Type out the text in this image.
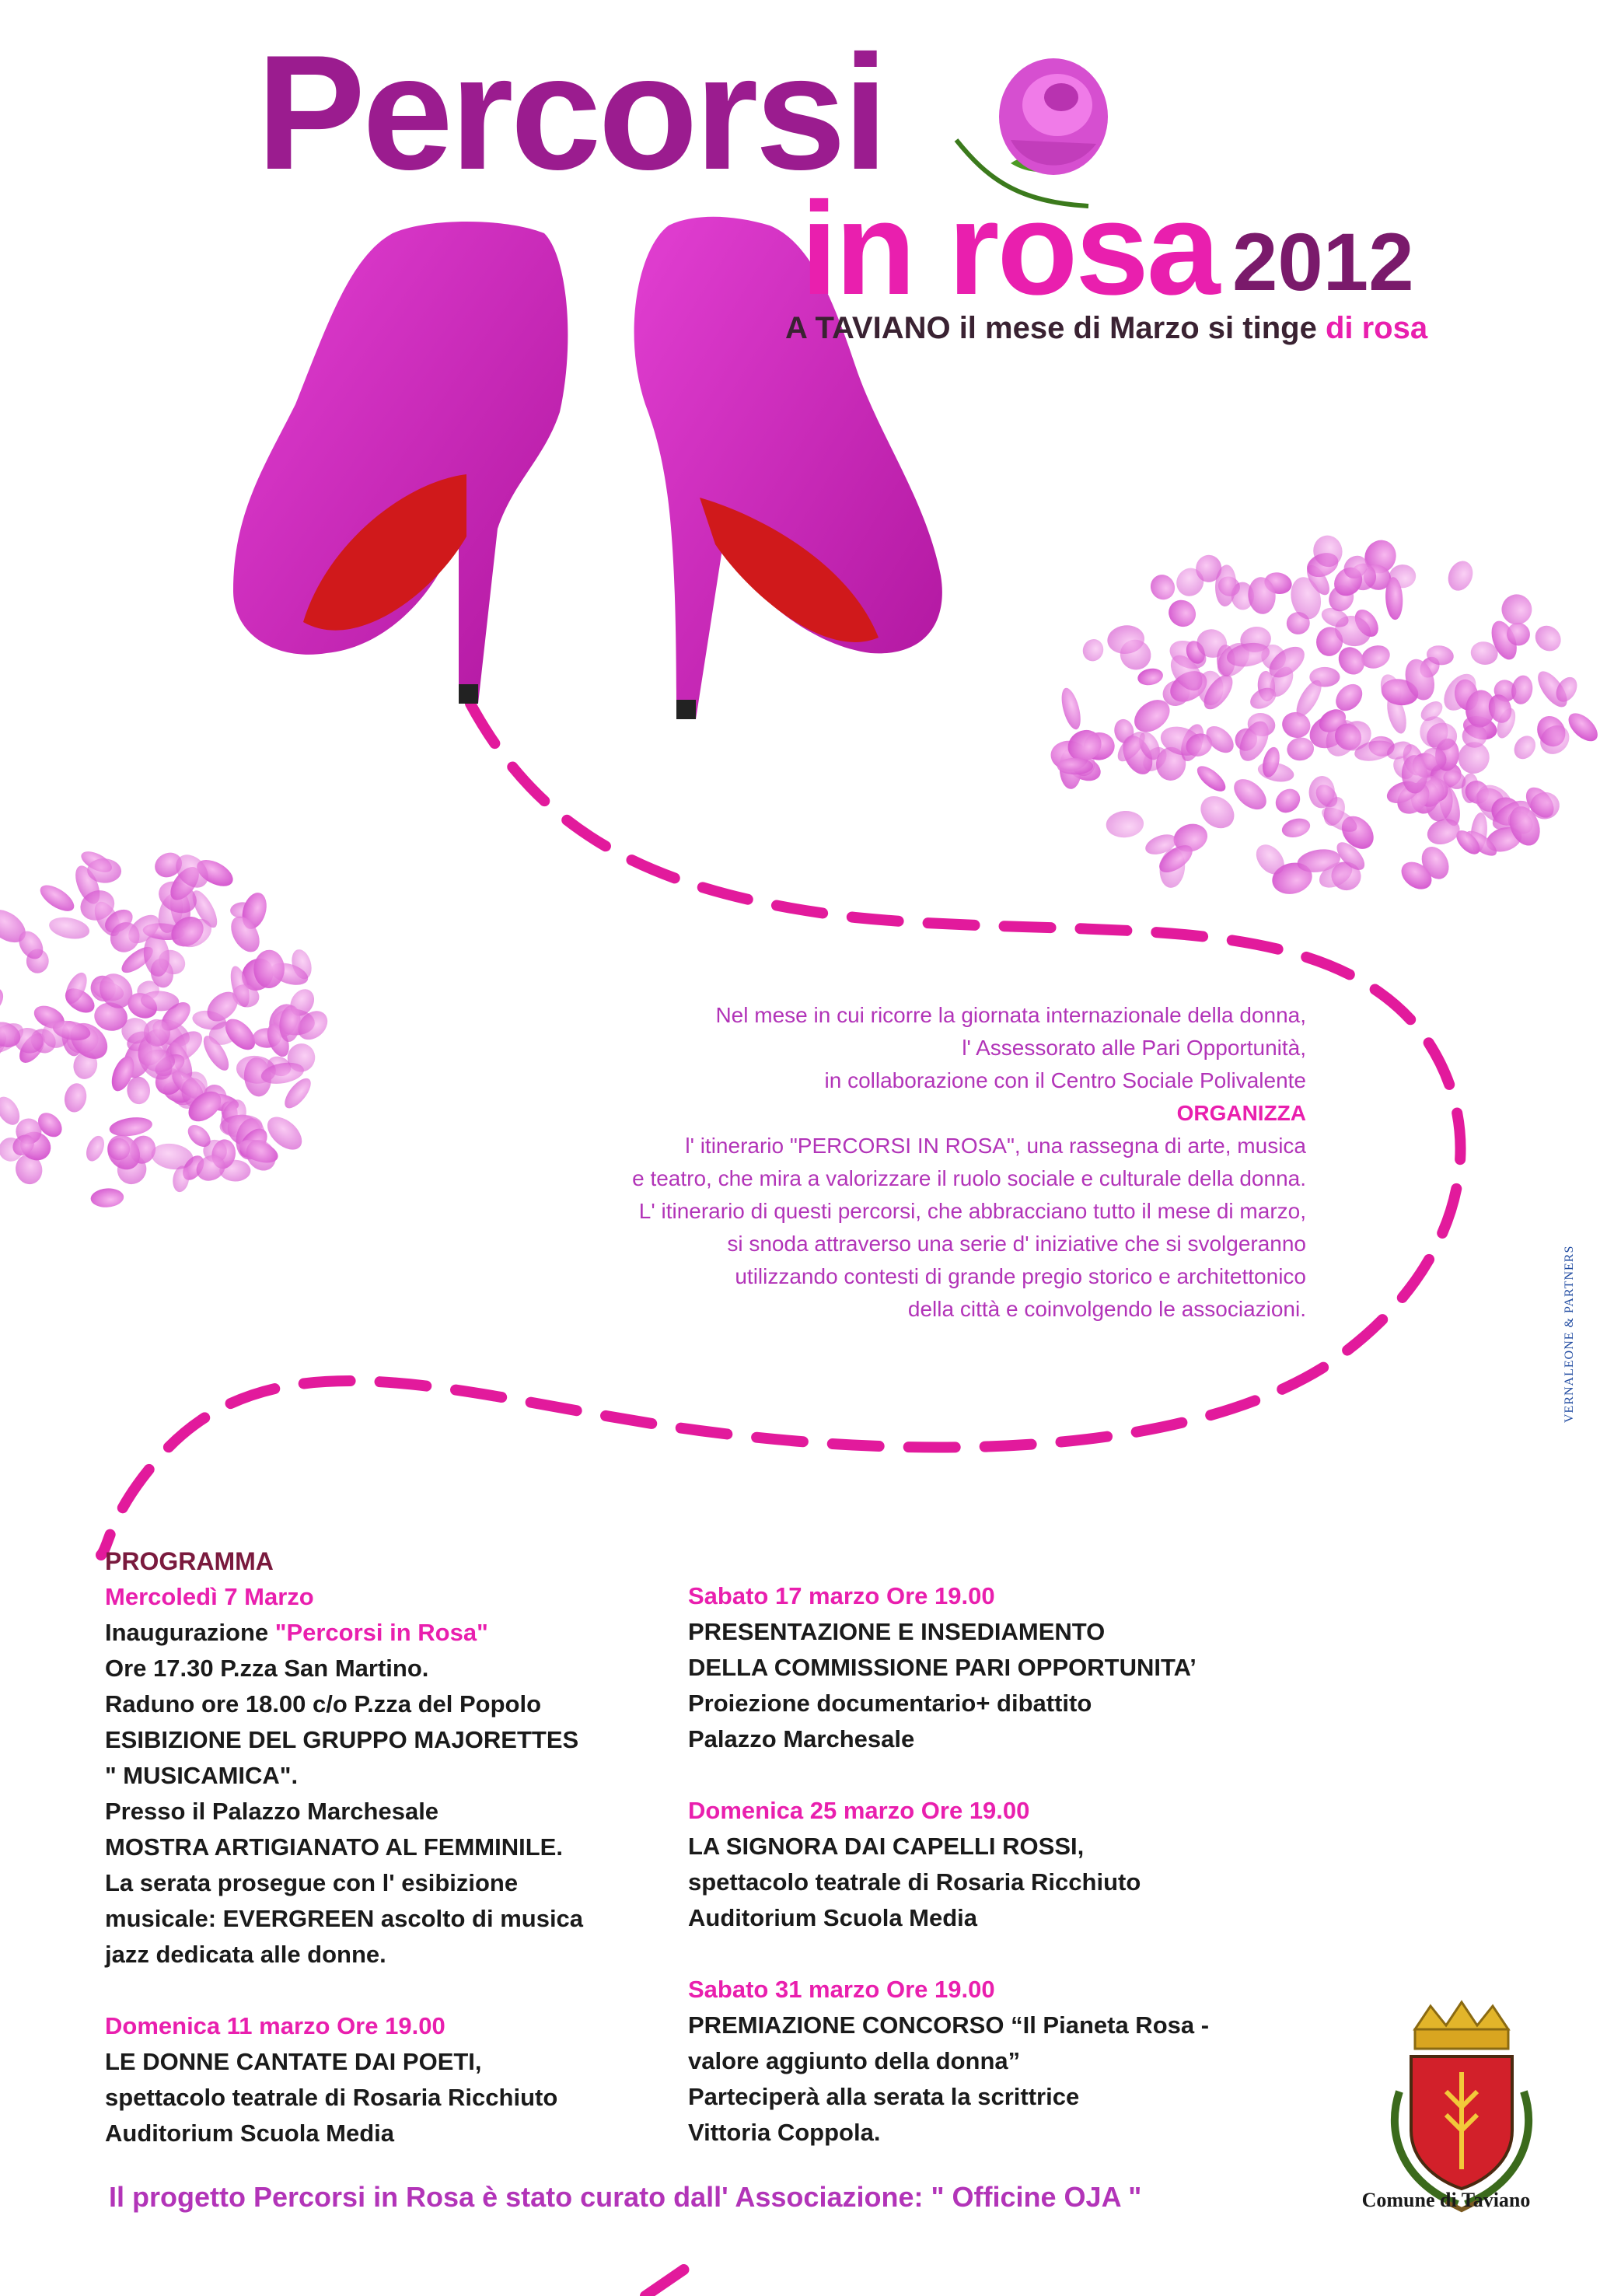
Percorsi
in rosa 2012
A TAVIANO il mese di Marzo si tinge di rosa
Nel mese in cui ricorre la giornata internazionale della donna,
l' Assessorato alle Pari Opportunità,
in collaborazione con il Centro Sociale Polivalente
ORGANIZZA
l' itinerario "PERCORSI IN ROSA", una rassegna di arte, musica
e teatro, che mira a valorizzare il ruolo sociale e culturale della donna.
L' itinerario di questi percorsi, che abbracciano tutto il mese di marzo,
si snoda attraverso una serie d' iniziative che si svolgeranno
utilizzando contesti di grande pregio storico e architettonico
della città e coinvolgendo le associazioni.
PROGRAMMA
Mercoledì 7 Marzo
Inaugurazione "Percorsi in Rosa"
Ore 17.30 P.zza San Martino.
Raduno ore 18.00 c/o P.zza del Popolo
ESIBIZIONE DEL GRUPPO MAJORETTES
" MUSICAMICA".
Presso il Palazzo Marchesale
MOSTRA ARTIGIANATO AL FEMMINILE.
La serata prosegue con l' esibizione
musicale: EVERGREEN ascolto di musica
jazz dedicata alle donne.
Domenica 11 marzo Ore 19.00
LE DONNE CANTATE DAI POETI,
spettacolo teatrale di Rosaria Ricchiuto
Auditorium Scuola Media
Sabato 17 marzo Ore 19.00
PRESENTAZIONE E INSEDIAMENTO
DELLA COMMISSIONE PARI OPPORTUNITA’
Proiezione documentario+ dibattito
Palazzo Marchesale
Domenica 25 marzo Ore 19.00
LA SIGNORA DAI CAPELLI ROSSI,
spettacolo teatrale di Rosaria Ricchiuto
Auditorium Scuola Media
Sabato 31 marzo Ore 19.00
PREMIAZIONE CONCORSO “Il Pianeta Rosa -
valore aggiunto della donna”
Parteciperà alla serata la scrittrice
Vittoria Coppola.
Il progetto Percorsi in Rosa è stato curato dall' Associazione: " Officine OJA "	Comune di Taviano
VERNALEONE & PARTNERS
